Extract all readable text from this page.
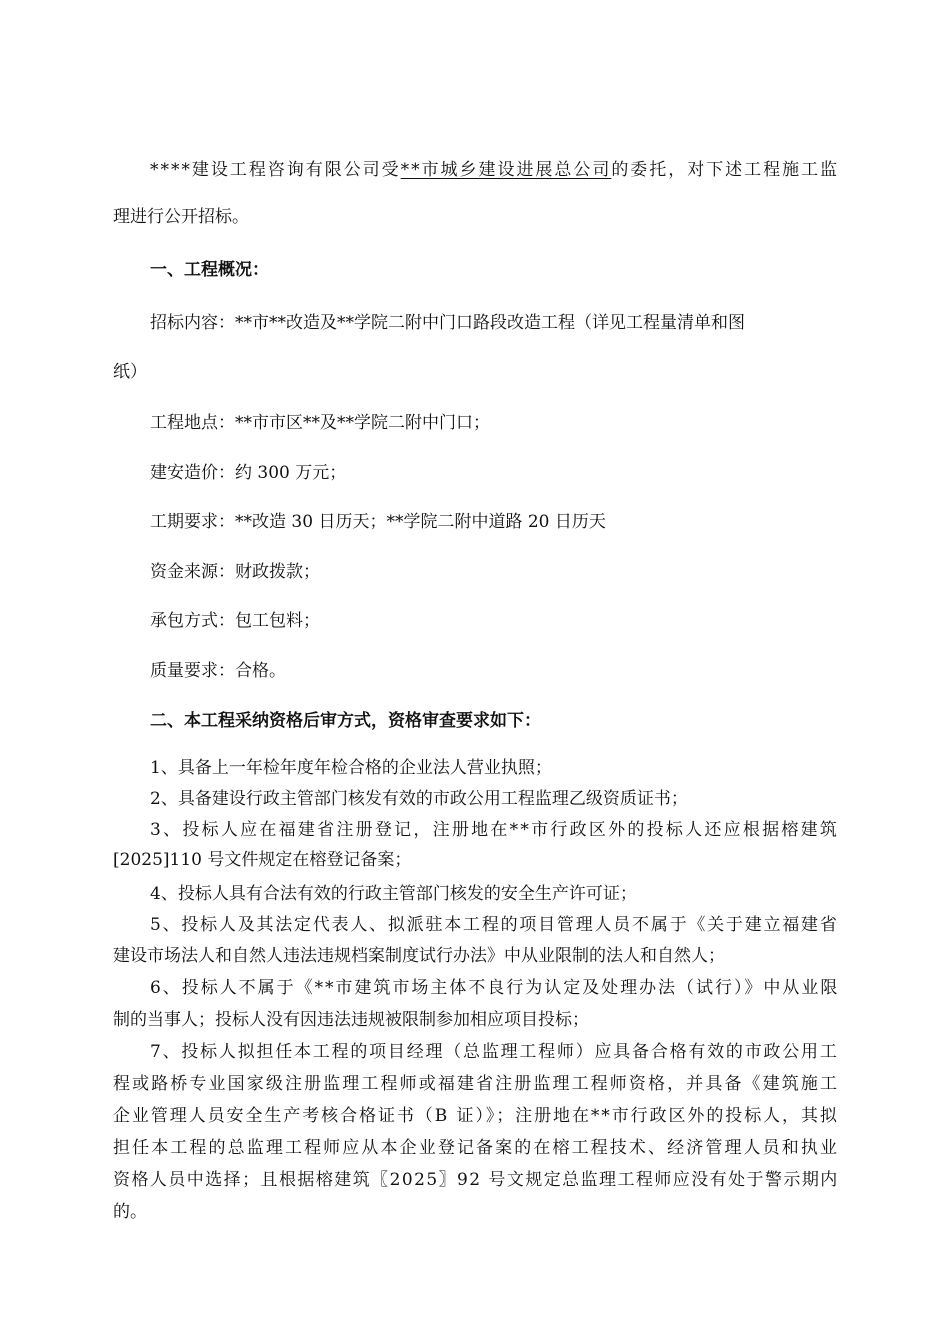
****建设工程咨询有限公司受**市城乡建设进展总公司的委托，对下述工程施工监
理进行公开招标。
一、工程概况：
招标内容：**市**改造及**学院二附中门口路段改造工程（详见工程量清单和图
纸）
工程地点：**市市区**及**学院二附中门口；
建安造价：约 300 万元；
工期要求：**改造 30 日历天；**学院二附中道路 20 日历天
资金来源：财政拨款；
承包方式：包工包料；
质量要求：合格。
二、本工程采纳资格后审方式，资格审查要求如下：
1、具备上一年检年度年检合格的企业法人营业执照；
2、具备建设行政主管部门核发有效的市政公用工程监理乙级资质证书；
3、投标人应在福建省注册登记，注册地在**市行政区外的投标人还应根据榕建筑
[2025]110 号文件规定在榕登记备案；
4、投标人具有合法有效的行政主管部门核发的安全生产许可证；
5、投标人及其法定代表人、拟派驻本工程的项目管理人员不属于《关于建立福建省
建设市场法人和自然人违法违规档案制度试行办法》中从业限制的法人和自然人；
6、投标人不属于《**市建筑市场主体不良行为认定及处理办法（试行）》中从业限
制的当事人；投标人没有因违法违规被限制参加相应项目投标；
7、投标人拟担任本工程的项目经理（总监理工程师）应具备合格有效的市政公用工
程或路桥专业国家级注册监理工程师或福建省注册监理工程师资格，并具备《建筑施工
企业管理人员安全生产考核合格证书（B 证）》；注册地在**市行政区外的投标人，其拟
担任本工程的总监理工程师应从本企业登记备案的在榕工程技术、经济管理人员和执业
资格人员中选择；且根据榕建筑〖2025〗92 号文规定总监理工程师应没有处于警示期内
的。
